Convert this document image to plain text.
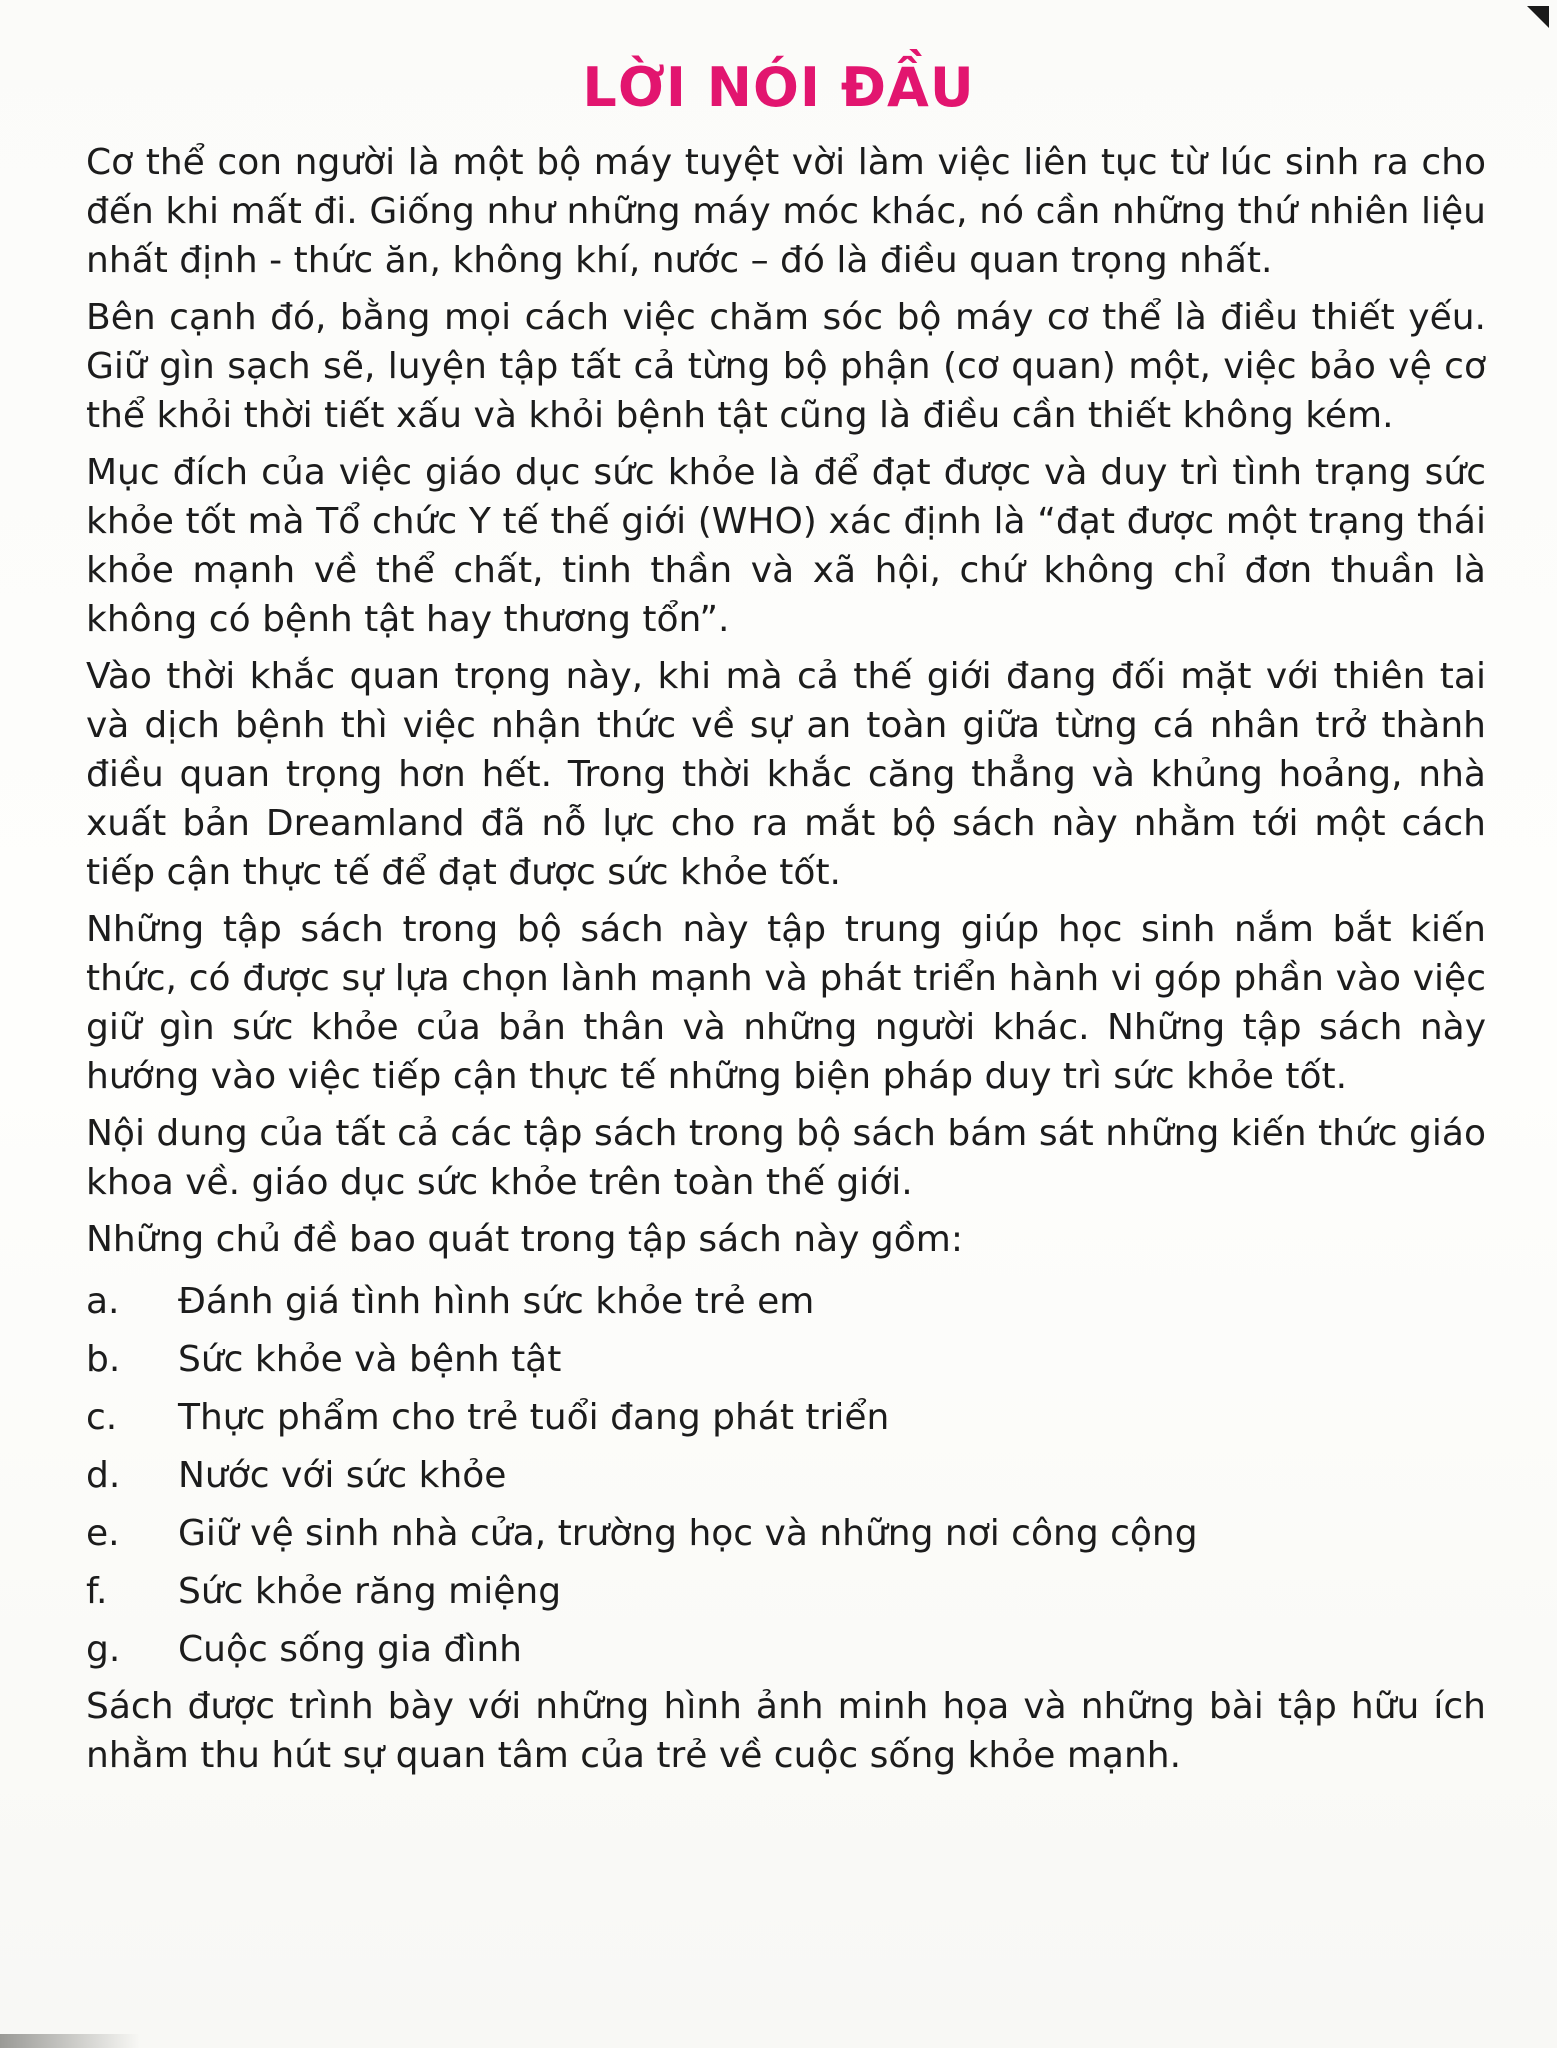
LỜI NÓI ĐẦU

Cơ thể con người là một bộ máy tuyệt vời làm việc liên tục từ lúc sinh ra cho đến khi mất đi. Giống như những máy móc khác, nó cần những thứ nhiên liệu nhất định - thức ăn, không khí, nước – đó là điều quan trọng nhất.

Bên cạnh đó, bằng mọi cách việc chăm sóc bộ máy cơ thể là điều thiết yếu. Giữ gìn sạch sẽ, luyện tập tất cả từng bộ phận (cơ quan) một, việc bảo vệ cơ thể khỏi thời tiết xấu và khỏi bệnh tật cũng là điều cần thiết không kém.

Mục đích của việc giáo dục sức khỏe là để đạt được và duy trì tình trạng sức khỏe tốt mà Tổ chức Y tế thế giới (WHO) xác định là “đạt được một trạng thái khỏe mạnh về thể chất, tinh thần và xã hội, chứ không chỉ đơn thuần là không có bệnh tật hay thương tổn”.

Vào thời khắc quan trọng này, khi mà cả thế giới đang đối mặt với thiên tai và dịch bệnh thì việc nhận thức về sự an toàn giữa từng cá nhân trở thành điều quan trọng hơn hết. Trong thời khắc căng thẳng và khủng hoảng, nhà xuất bản Dreamland đã nỗ lực cho ra mắt bộ sách này nhằm tới một cách tiếp cận thực tế để đạt được sức khỏe tốt.

Những tập sách trong bộ sách này tập trung giúp học sinh nắm bắt kiến thức, có được sự lựa chọn lành mạnh và phát triển hành vi góp phần vào việc giữ gìn sức khỏe của bản thân và những người khác. Những tập sách này hướng vào việc tiếp cận thực tế những biện pháp duy trì sức khỏe tốt.

Nội dung của tất cả các tập sách trong bộ sách bám sát những kiến thức giáo khoa về. giáo dục sức khỏe trên toàn thế giới.

Những chủ đề bao quát trong tập sách này gồm:

a.	Đánh giá tình hình sức khỏe trẻ em
b.	Sức khỏe và bệnh tật
c.	Thực phẩm cho trẻ tuổi đang phát triển
d.	Nước với sức khỏe
e.	Giữ vệ sinh nhà cửa, trường học và những nơi công cộng
f.	Sức khỏe răng miệng
g.	Cuộc sống gia đình

Sách được trình bày với những hình ảnh minh họa và những bài tập hữu ích nhằm thu hút sự quan tâm của trẻ về cuộc sống khỏe mạnh.
